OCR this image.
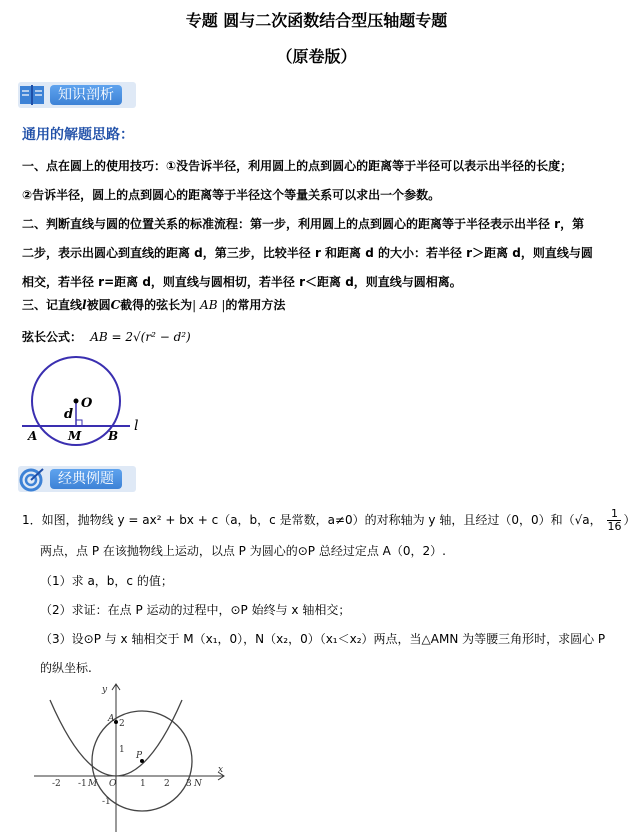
专题 圆与二次函数结合型压轴题专题
（原卷版）
知识剖析
通用的解题思路：
一、点在圆上的使用技巧：①没告诉半径，利用圆上的点到圆心的距离等于半径可以表示出半径的长度；
②告诉半径，圆上的点到圆心的距离等于半径这个等量关系可以求出一个参数。
二、判断直线与圆的位置关系的标准流程：第一步，利用圆上的点到圆心的距离等于半径表示出半径 r，第
二步，表示出圆心到直线的距离 d，第三步，比较半径 r 和距离 d 的大小：若半径 r＞距离 d，则直线与圆
相交，若半径 r=距离 d，则直线与圆相切，若半径 r＜距离 d，则直线与圆相离。
三、记直线l被圆C截得的弦长为| AB |的常用方法
弦长公式： AB = 2√(r² − d²)
O
d
A	M B
l
经典例题
1．如图，抛物线 y = ax² + bx + c（a，b，c 是常数，a≠0）的对称轴为 y 轴，且经过（0，0）和（√a， $\frac{1}{16}$ ）
两点，点 P 在该抛物线上运动，以点 P 为圆心的⊙P 总经过定点 A（0，2）.
（1）求 a，b，c 的值；
（2）求证：在点 P 运动的过程中，⊙P 始终与 x 轴相交；
（3）设⊙P 与 x 轴相交于 M（x₁，0），N（x₂，0）（x₁＜x₂）两点，当△AMN 为等腰三角形时，求圆心 P
的纵坐标.
y
x
A
P
O
M	N
-2 -1	1 2 3
1
2
-1
